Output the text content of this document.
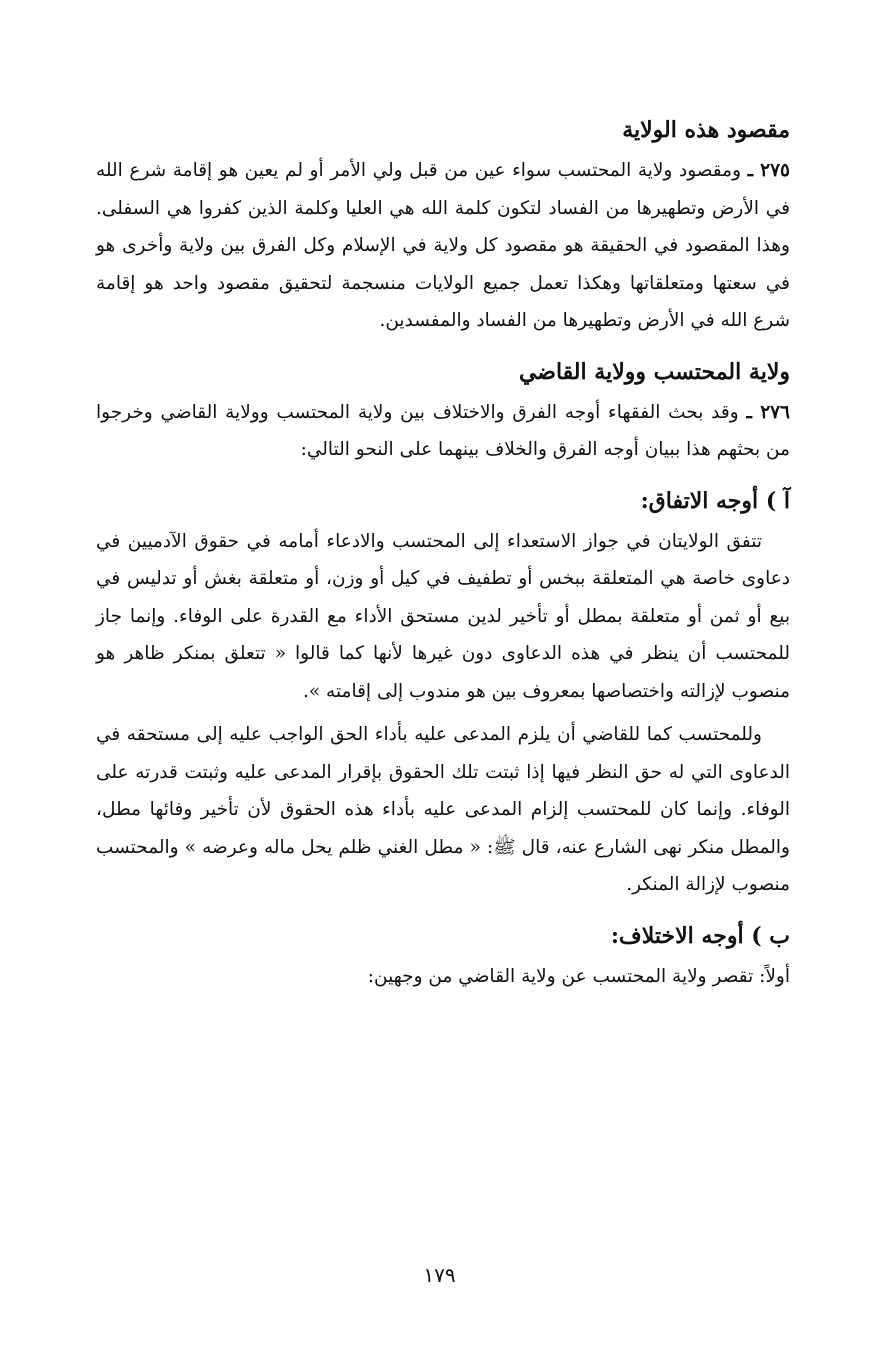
مقصود هذه الولاية

٢٧٥ ـ ومقصود ولاية المحتسب سواء عين من قبل ولي الأمر أو لم يعين هو إقامة شرع الله في الأرض وتطهيرها من الفساد لتكون كلمة الله هي العليا وكلمة الذين كفروا هي السفلى. وهذا المقصود في الحقيقة هو مقصود كل ولاية في الإسلام وكل الفرق بين ولاية وأخرى هو في سعتها ومتعلقاتها وهكذا تعمل جميع الولايات منسجمة لتحقيق مقصود واحد هو إقامة شرع الله في الأرض وتطهيرها من الفساد والمفسدين.

ولاية المحتسب وولاية القاضي

٢٧٦ ـ وقد بحث الفقهاء أوجه الفرق والاختلاف بين ولاية المحتسب وولاية القاضي وخرجوا من بحثهم هذا ببيان أوجه الفرق والخلاف بينهما على النحو التالي:

آ ) أوجه الاتفاق:

تتفق الولايتان في جواز الاستعداء إلى المحتسب والادعاء أمامه في حقوق الآدميين في دعاوى خاصة هي المتعلقة ببخس أو تطفيف في كيل أو وزن، أو متعلقة بغش أو تدليس في بيع أو ثمن أو متعلقة بمطل أو تأخير لدين مستحق الأداء مع القدرة على الوفاء. وإنما جاز للمحتسب أن ينظر في هذه الدعاوى دون غيرها لأنها كما قالوا « تتعلق بمنكر ظاهر هو منصوب لإزالته واختصاصها بمعروف بين هو مندوب إلى إقامته ».

وللمحتسب كما للقاضي أن يلزم المدعى عليه بأداء الحق الواجب عليه إلى مستحقه في الدعاوى التي له حق النظر فيها إذا ثبتت تلك الحقوق بإقرار المدعى عليه وثبتت قدرته على الوفاء. وإنما كان للمحتسب إلزام المدعى عليه بأداء هذه الحقوق لأن تأخير وفائها مطل، والمطل منكر نهى الشارع عنه، قال ﷺ: « مطل الغني ظلم يحل ماله وعرضه » والمحتسب منصوب لإزالة المنكر.

ب ) أوجه الاختلاف:

أولاً: تقصر ولاية المحتسب عن ولاية القاضي من وجهين:

١٧٩
